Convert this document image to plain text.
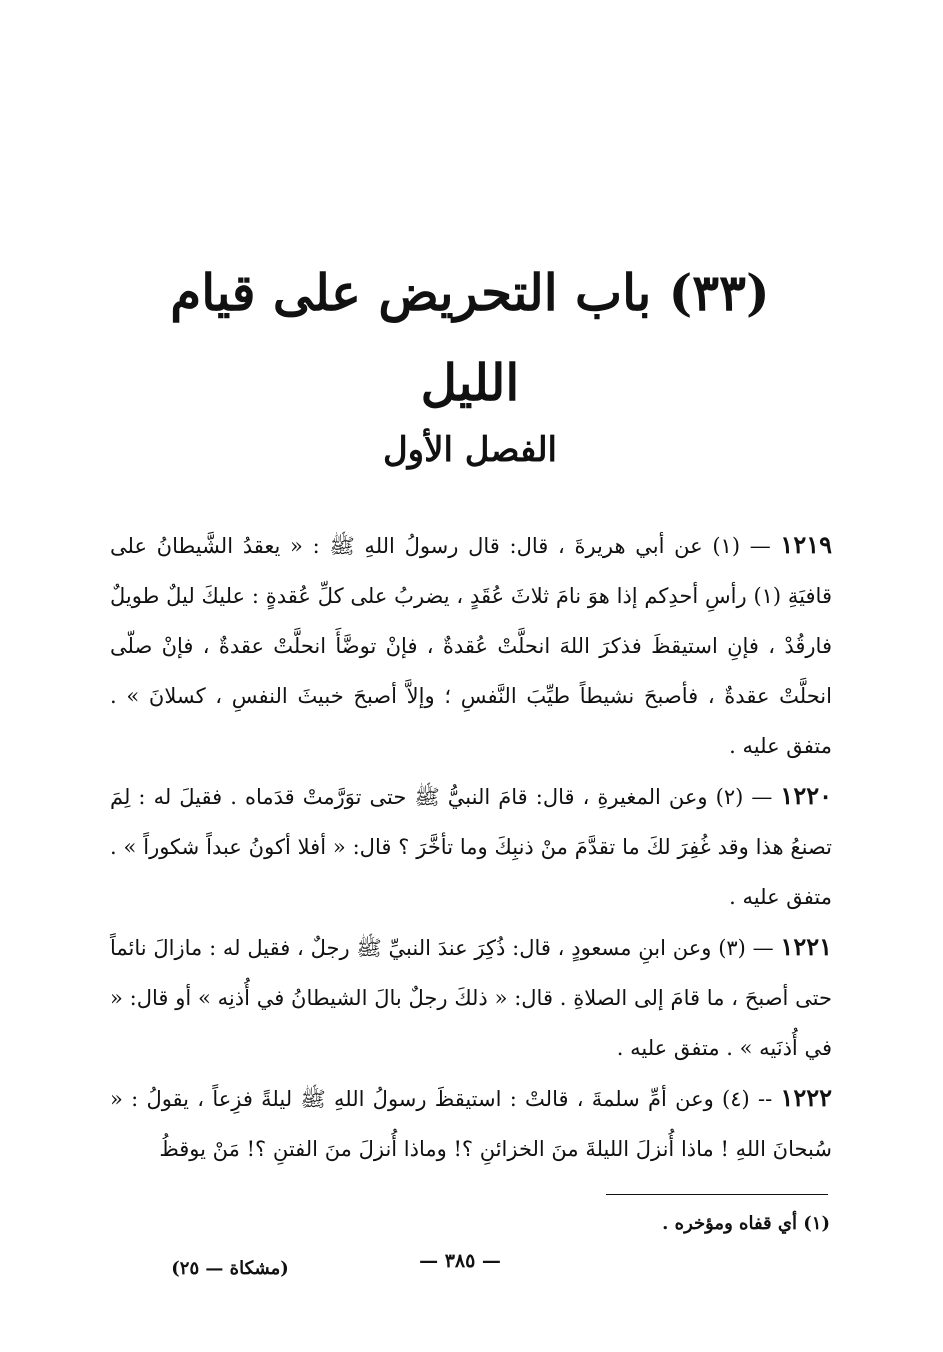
(٣٣) باب التحريض على قيام الليل
الفصل الأول

١٢١٩ — (١) عن أبي هريرةَ ، قال: قال رسولُ اللهِ ﷺ : « يعقدُ الشَّيطانُ على قافيَةِ (١) رأسِ أحدِكم إذا هوَ نامَ ثلاثَ عُقَدٍ ، يضربُ على كلِّ عُقدةٍ : عليكَ ليلٌ طويلٌ فارقُدْ ، فإنِ استيقظَ فذكرَ اللهَ انحلَّتْ عُقدةٌ ، فإنْ توضَّأَ انحلَّتْ عقدةٌ ، فإنْ صلّى انحلَّتْ عقدةٌ ، فأصبحَ نشيطاً طيِّبَ النَّفسِ ؛ وإلاَّ أصبحَ خبيثَ النفسِ ، كسلانَ » . متفق عليه .

١٢٢٠ — (٢) وعن المغيرةِ ، قال: قامَ النبيُّ ﷺ حتى توَرَّمتْ قدَماه . فقيلَ له : لِمَ تصنعُ هذا وقد غُفِرَ لكَ ما تقدَّمَ منْ ذنبِكَ وما تأخَّرَ ؟ قال: « أفلا أكونُ عبداً شكوراً » . متفق عليه .

١٢٢١ — (٣) وعن ابنِ مسعودٍ ، قال: ذُكِرَ عندَ النبيِّ ﷺ رجلٌ ، فقيل له : مازالَ نائماً حتى أصبحَ ، ما قامَ إلى الصلاةِ . قال: « ذلكَ رجلٌ بالَ الشيطانُ في أُذنِه » أو قال: « في أُذنَيه » . متفق عليه .

١٢٢٢ -- (٤) وعن أمِّ سلمةَ ، قالتْ : استيقظَ رسولُ اللهِ ﷺ ليلةً فزِعاً ، يقولُ : « سُبحانَ اللهِ ! ماذا أُنزلَ الليلةَ منَ الخزائنِ ؟! وماذا أُنزلَ منَ الفتنِ ؟! مَنْ يوقظُ

(١) أي قفاه ومؤخره .
— ٣٨٥ —
(مشكاة — ٢٥)
